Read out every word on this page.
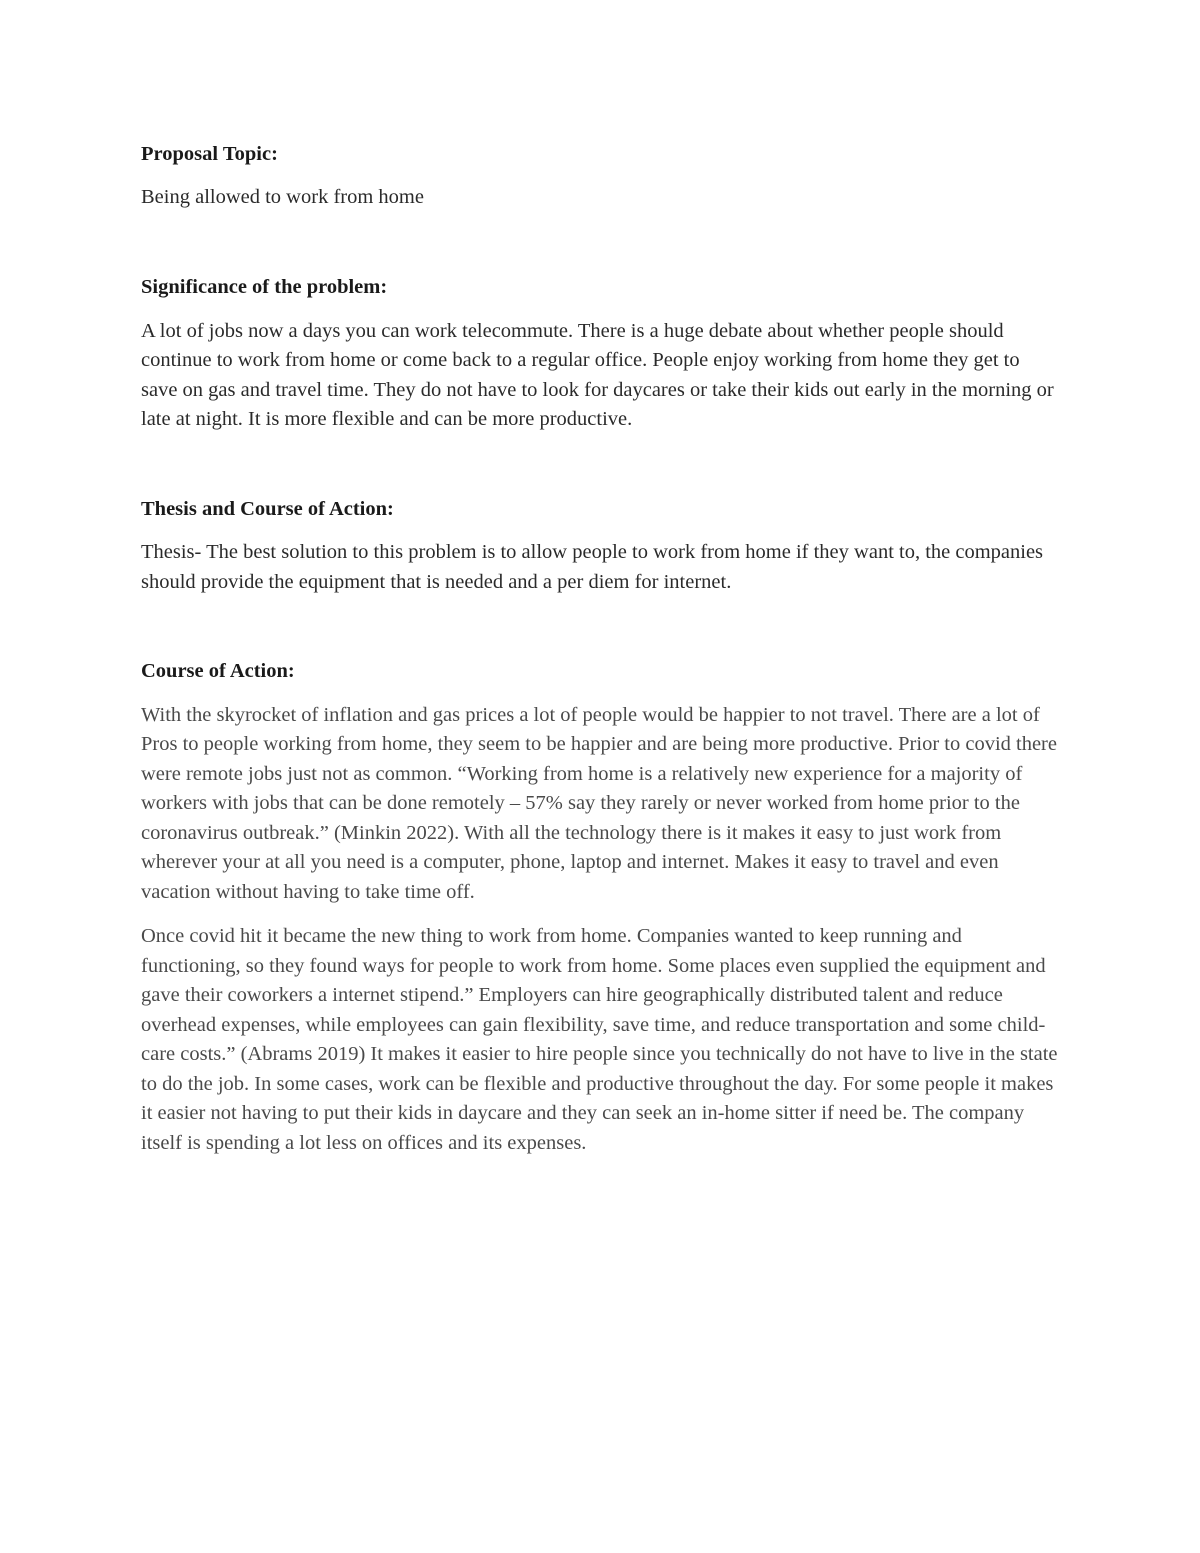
Proposal Topic:

Being allowed to work from home

Significance of the problem:

A lot of jobs now a days you can work telecommute. There is a huge debate about whether people should continue to work from home or come back to a regular office. People enjoy working from home they get to save on gas and travel time. They do not have to look for daycares or take their kids out early in the morning or late at night. It is more flexible and can be more productive.

Thesis and Course of Action:

Thesis- The best solution to this problem is to allow people to work from home if they want to, the companies should provide the equipment that is needed and a per diem for internet.

Course of Action:

With the skyrocket of inflation and gas prices a lot of people would be happier to not travel. There are a lot of Pros to people working from home, they seem to be happier and are being more productive. Prior to covid there were remote jobs just not as common. “Working from home is a relatively new experience for a majority of workers with jobs that can be done remotely – 57% say they rarely or never worked from home prior to the coronavirus outbreak.” (Minkin 2022). With all the technology there is it makes it easy to just work from wherever your at all you need is a computer, phone, laptop and internet. Makes it easy to travel and even vacation without having to take time off.

Once covid hit it became the new thing to work from home. Companies wanted to keep running and functioning, so they found ways for people to work from home. Some places even supplied the equipment and gave their coworkers a internet stipend.” Employers can hire geographically distributed talent and reduce overhead expenses, while employees can gain flexibility, save time, and reduce transportation and some child-care costs.” (Abrams 2019) It makes it easier to hire people since you technically do not have to live in the state to do the job. In some cases, work can be flexible and productive throughout the day. For some people it makes it easier not having to put their kids in daycare and they can seek an in-home sitter if need be. The company itself is spending a lot less on offices and its expenses.
